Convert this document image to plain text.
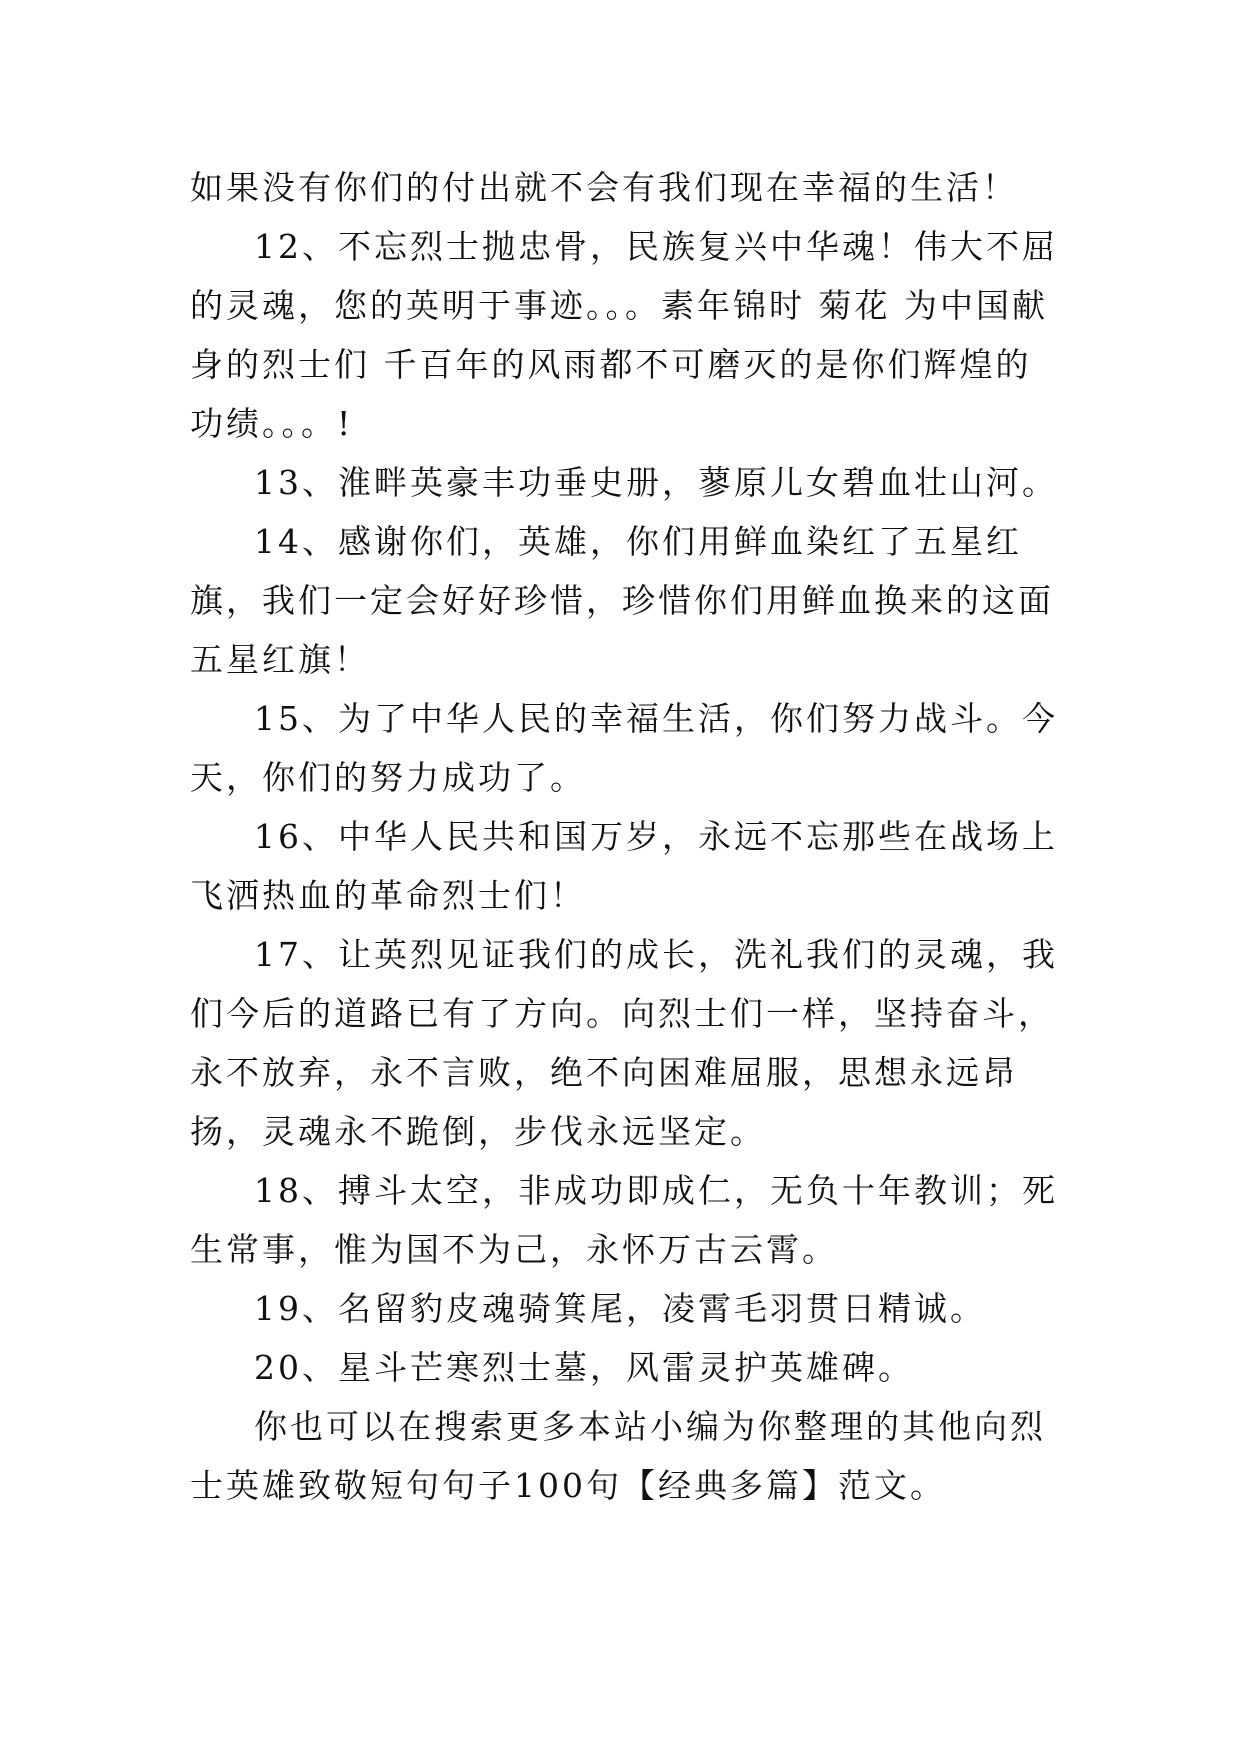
如果没有你们的付出就不会有我们现在幸福的生活！

12、不忘烈士抛忠骨，民族复兴中华魂！伟大不屈的灵魂，您的英明于事迹。。。素年锦时 菊花 为中国献身的烈士们 千百年的风雨都不可磨灭的是你们辉煌的功绩。。。!

13、淮畔英豪丰功垂史册，蓼原儿女碧血壮山河。

14、感谢你们，英雄，你们用鲜血染红了五星红旗，我们一定会好好珍惜，珍惜你们用鲜血换来的这面五星红旗！

15、为了中华人民的幸福生活，你们努力战斗。今天，你们的努力成功了。

16、中华人民共和国万岁，永远不忘那些在战场上飞洒热血的革命烈士们！

17、让英烈见证我们的成长，洗礼我们的灵魂，我们今后的道路已有了方向。向烈士们一样，坚持奋斗，永不放弃，永不言败，绝不向困难屈服，思想永远昂扬，灵魂永不跪倒，步伐永远坚定。

18、搏斗太空，非成功即成仁，无负十年教训；死生常事，惟为国不为己，永怀万古云霄。

19、名留豹皮魂骑箕尾，凌霄毛羽贯日精诚。

20、星斗芒寒烈士墓，风雷灵护英雄碑。

你也可以在搜索更多本站小编为你整理的其他向烈士英雄致敬短句句子100句【经典多篇】范文。
